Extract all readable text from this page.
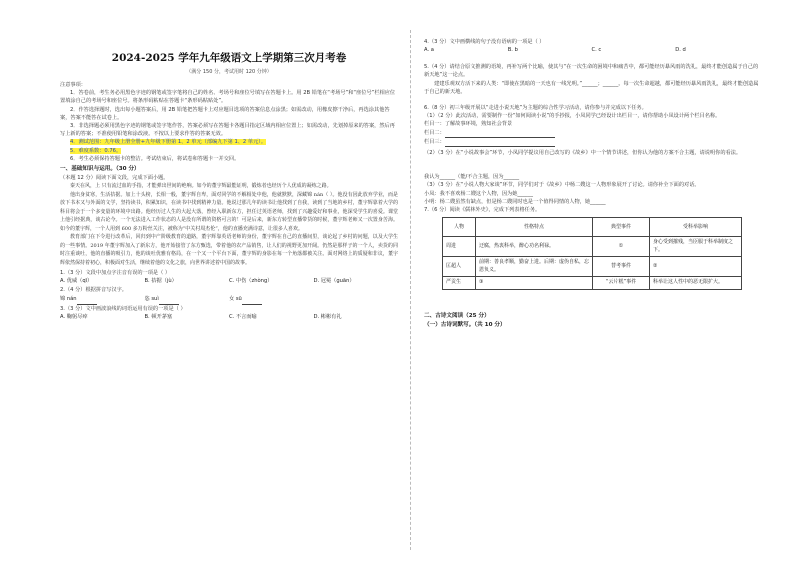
2024-2025 学年九年级语文上学期第三次月考卷

（满分 150 分，考试用时 120 分钟）

注意事项：

1．答卷前，考生务必用黑色字迹的钢笔或签字笔将自己的姓名、考场号和座位号填写在答题卡上。用 2B 铅笔在“考场号”和“座位号”栏相应位置填涂自己的考场号和座位号。将条形码粘贴在答题卡“条形码粘贴处”。

2．作答选择题时，选出每小题答案后，用 2B 铅笔把答题卡上对应题目选项的答案信息点涂黑；如需改动，用橡皮擦干净后，再选涂其他答案，答案不能答在试卷上。

3．非选择题必须用黑色字迹的钢笔或签字笔作答，答案必须写在答题卡各题目指定区域内相应位置上；如需改动，先划掉原来的答案，然后再写上新的答案；不准使用铅笔和涂改液。不按以上要求作答的答案无效。

4．测试范围：九年级上册全册+九年级下册第 1、2 单元（部编九下第 1、2 单元）。

5．难度系数：0.76。

6．考生必须保持答题卡的整洁。考试结束后，将试卷和答题卡一并交回。

一、基础知识与运用。（30 分）

（本题 12 分）阅读下面文段，完成下面小题。

秦天在风，上 只有流过血的手指，才能弹出世间的绝响。如今的董宇辉最能证明，锻炼者也经历个人优成的凝练之路。

他出身贫寒，生活拮据。加上十头榜，长相一般，董宇辉自卑，面对同学的不解相处中他，他就默默，深藏锦 nán（ ）。他没有因此放弃学业，而是放下书本又与外面的文学，坚持读书，积累知识，在读书中找到精神力量。他说过那几年的读书让他找到了自我，读到了当地的乡村，董宇辉靠着大学的科目将会于一个多变量的环境中出路。他经历过人生的大起大落，曾经入职新东方，担任过英语老师，找到了兴趣爱好和事业，他深受学生的喜爱。课堂上他引经据典，谈古论今。一个无法进入工作状态的人是没有所谓的资格可言的！可是后来，新东方转型直播带货的时候，董宇辉老师又一次置身苦海。如今的董宇辉，一个人用到 600 多万粉丝关注，被称为“中关村周杰伦”，他的直播充满诗意，让很多人喜欢。

教育部门在下令进行改革后，回归到中产阶级教育的道路，董宇辉靠英语老师的身份，董宇辉在自己的直播间里，谈论起了乡村的问题，以及大学生的一些事情。2019 年董宇辉加入了新东方，他开始接管了东方甄选，带着他的农产品销售，让人们的视野更加开阔。仍然是那样子的一个人，卖货的同时注重谈吐，他的直播的吸引力，他的谈吐优雅有格局，在一个又一个平台下面，董宇辉的身影在每一个角落都被关注。面对网络上的质疑和非议，董宇辉依然保持着初心，积极面对生活，继续着他的文化之旅，向世界讲述着中国的故事。

1.（3 分）文段中加点字注音有误的一项是（ ）

A. 优威（qī）	B. 拮据（jù）	C. 中伤（zhòng）	D. 冠冕（guān）

2.（4 分）根据拼音写汉字。

锦 nán	恣 suì	女 sū

3.（3 分）文中画波浪线的词语运用有误的一项是（ ）

A. 鞠躬尽瘁	B. 顿开茅塞	C. 不言而喻	D. 彬彬有礼

4.（3 分）文中画横线的句子没有语病的一项是（ ）

A. a	B. b	C. c	D. d

5.（4 分）请结合原文推测的语境，再补写两个比喻，使其与“在一次生命的困境中和痛苦中，都可能经历暴风雨的洗礼，最终才能创造属于自己的新天地”这一论点。

建建乐观双方活下来的人类：“即使在黑暗的一天也有一线光明。”______；______。每一次生命超越，都可能经历暴风雨洗礼，最终才能创造属于自己的新天地。

6.（8 分）初三年级开展以“走进小说天地”为主题的综合性学习活动，请你参与并完成以下任务。

（1）（2 分）此次活动，需要制作一份“如何阅读小说”的手抄报，小凤同学已经设计出栏目一，请你帮助小凤设计两个栏目名称。

栏目一：了解故事环境，熟知社会背景

栏目二：

栏目三：

（2）（3 分）在“小说故事会”环节，小凤同学提议用自己改写的《故乡》中一个情节讲述，但你认为他的方案不合主题，请说明你的看法。

我认为______（能/不合主题，因为______

（3）（3 分）在“小说人物大家谈”环节，同学们对于《故乡》中杨二嫂这一人物形象展开了讨论。请你补全下面的对话。

小凤：我不喜欢杨二嫂这个人物，因为她______

小明：杨二嫂虽然有缺点，但是杨二嫂同时也是一个值得同情的人物，她______

7.（6 分）阅读《儒林外史》，完成下列表格任务。

人物	性格特点	典型事件	受科举影响
周进	迂腐，热衷科举，醉心功名利禄。	①	身心受到摧残，当臣服于科举制度之下。
匡超人	前期：善良孝顺，勤奋上进。后期：虚伪自私，忘恩负义。	替考事件	②
严贡生	③	“云片糕”事件	科举让这人性中的恶无限扩大。

二、古诗文阅读（25 分）

（一）古诗词默写。（共 10 分）
